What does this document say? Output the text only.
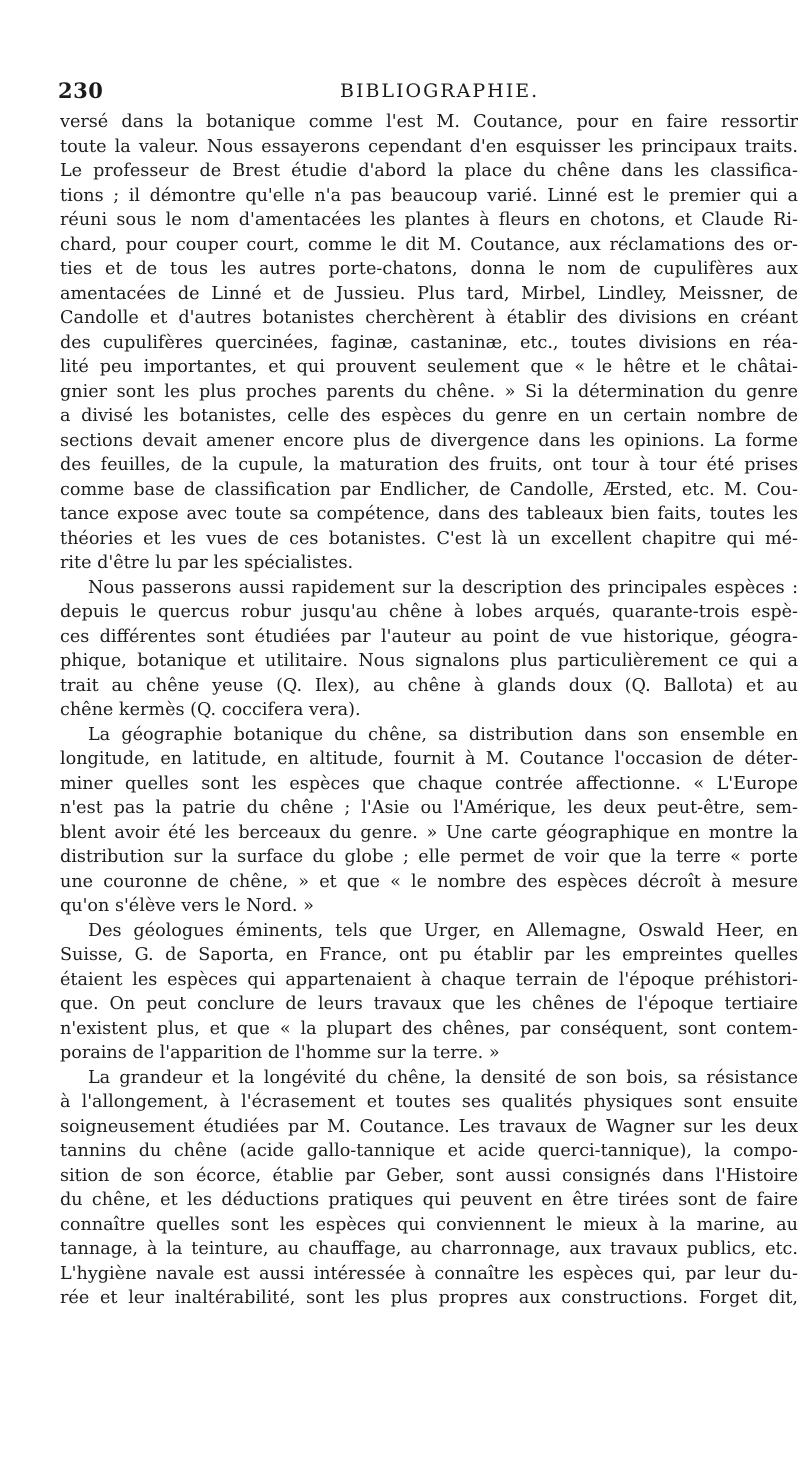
230	BIBLIOGRAPHIE.
versé dans la botanique comme l'est M. Coutance, pour en faire ressortir
toute la valeur. Nous essayerons cependant d'en esquisser les principaux traits.
Le professeur de Brest étudie d'abord la place du chêne dans les classifica-
tions ; il démontre qu'elle n'a pas beaucoup varié. Linné est le premier qui a
réuni sous le nom d'amentacées les plantes à fleurs en chotons, et Claude Ri-
chard, pour couper court, comme le dit M. Coutance, aux réclamations des or-
ties et de tous les autres porte-chatons, donna le nom de cupulifères aux
amentacées de Linné et de Jussieu. Plus tard, Mirbel, Lindley, Meissner, de
Candolle et d'autres botanistes cherchèrent à établir des divisions en créant
des cupulifères quercinées, faginæ, castaninæ, etc., toutes divisions en réa-
lité peu importantes, et qui prouvent seulement que « le hêtre et le châtai-
gnier sont les plus proches parents du chêne. » Si la détermination du genre
a divisé les botanistes, celle des espèces du genre en un certain nombre de
sections devait amener encore plus de divergence dans les opinions. La forme
des feuilles, de la cupule, la maturation des fruits, ont tour à tour été prises
comme base de classification par Endlicher, de Candolle, Ærsted, etc. M. Cou-
tance expose avec toute sa compétence, dans des tableaux bien faits, toutes les
théories et les vues de ces botanistes. C'est là un excellent chapitre qui mé-
rite d'être lu par les spécialistes.
Nous passerons aussi rapidement sur la description des principales espèces :
depuis le quercus robur jusqu'au chêne à lobes arqués, quarante-trois espè-
ces différentes sont étudiées par l'auteur au point de vue historique, géogra-
phique, botanique et utilitaire. Nous signalons plus particulièrement ce qui a
trait au chêne yeuse (Q. Ilex), au chêne à glands doux (Q. Ballota) et au
chêne kermès (Q. coccifera vera).
La géographie botanique du chêne, sa distribution dans son ensemble en
longitude, en latitude, en altitude, fournit à M. Coutance l'occasion de déter-
miner quelles sont les espèces que chaque contrée affectionne. « L'Europe
n'est pas la patrie du chêne ; l'Asie ou l'Amérique, les deux peut-être, sem-
blent avoir été les berceaux du genre. » Une carte géographique en montre la
distribution sur la surface du globe ; elle permet de voir que la terre « porte
une couronne de chêne, » et que « le nombre des espèces décroît à mesure
qu'on s'élève vers le Nord. »
Des géologues éminents, tels que Urger, en Allemagne, Oswald Heer, en
Suisse, G. de Saporta, en France, ont pu établir par les empreintes quelles
étaient les espèces qui appartenaient à chaque terrain de l'époque préhistori-
que. On peut conclure de leurs travaux que les chênes de l'époque tertiaire
n'existent plus, et que « la plupart des chênes, par conséquent, sont contem-
porains de l'apparition de l'homme sur la terre. »
La grandeur et la longévité du chêne, la densité de son bois, sa résistance
à l'allongement, à l'écrasement et toutes ses qualités physiques sont ensuite
soigneusement étudiées par M. Coutance. Les travaux de Wagner sur les deux
tannins du chêne (acide gallo-tannique et acide querci-tannique), la compo-
sition de son écorce, établie par Geber, sont aussi consignés dans l'Histoire
du chêne, et les déductions pratiques qui peuvent en être tirées sont de faire
connaître quelles sont les espèces qui conviennent le mieux à la marine, au
tannage, à la teinture, au chauffage, au charronnage, aux travaux publics, etc.
L'hygiène navale est aussi intéressée à connaître les espèces qui, par leur du-
rée et leur inaltérabilité, sont les plus propres aux constructions. Forget dit,
